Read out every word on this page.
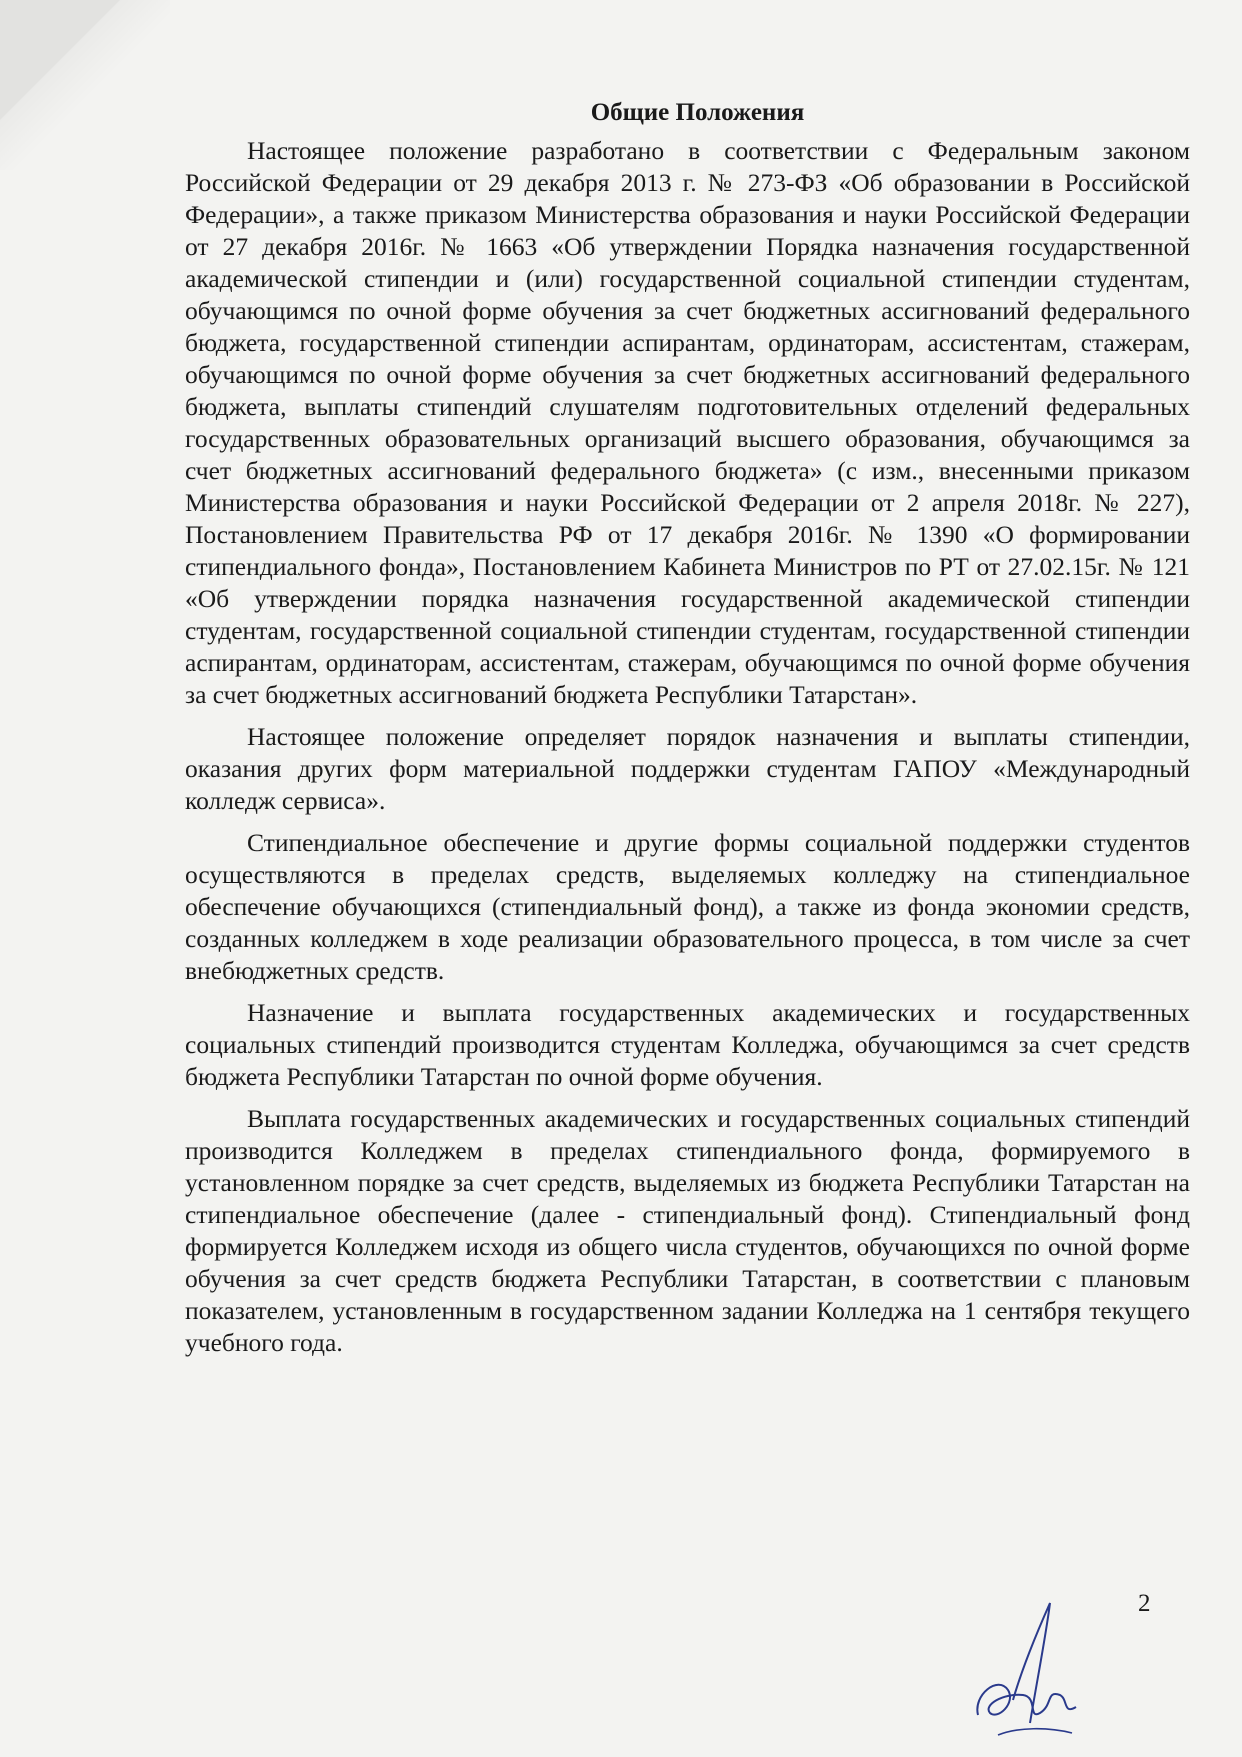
Общие Положения

Настоящее положение разработано в соответствии с Федеральным законом Российской Федерации от 29 декабря 2013 г. № 273-ФЗ «Об образовании в Российской Федерации», а также приказом Министерства образования и науки Российской Федерации от 27 декабря 2016г. № 1663 «Об утверждении Порядка назначения государственной академической стипендии и (или) государственной социальной стипендии студентам, обучающимся по очной форме обучения за счет бюджетных ассигнований федерального бюджета, государственной стипендии аспирантам, ординаторам, ассистентам, стажерам, обучающимся по очной форме обучения за счет бюджетных ассигнований федерального бюджета, выплаты стипендий слушателям подготовительных отделений федеральных государственных образовательных организаций высшего образования, обучающимся за счет бюджетных ассигнований федерального бюджета» (с изм., внесенными приказом Министерства образования и науки Российской Федерации от 2 апреля 2018г. № 227), Постановлением Правительства РФ от 17 декабря 2016г. № 1390 «О формировании стипендиального фонда», Постановлением Кабинета Министров по РТ от 27.02.15г. № 121 «Об утверждении порядка назначения государственной академической стипендии студентам, государственной социальной стипендии студентам, государственной стипендии аспирантам, ординаторам, ассистентам, стажерам, обучающимся по очной форме обучения за счет бюджетных ассигнований бюджета Республики Татарстан».

Настоящее положение определяет порядок назначения и выплаты стипендии, оказания других форм материальной поддержки студентам ГАПОУ «Международный колледж сервиса».

Стипендиальное обеспечение и другие формы социальной поддержки студентов осуществляются в пределах средств, выделяемых колледжу на стипендиальное обеспечение обучающихся (стипендиальный фонд), а также из фонда экономии средств, созданных колледжем в ходе реализации образовательного процесса, в том числе за счет внебюджетных средств.

Назначение и выплата государственных академических и государственных социальных стипендий производится студентам Колледжа, обучающимся за счет средств бюджета Республики Татарстан по очной форме обучения.

Выплата государственных академических и государственных социальных стипендий производится Колледжем в пределах стипендиального фонда, формируемого в установленном порядке за счет средств, выделяемых из бюджета Республики Татарстан на стипендиальное обеспечение (далее - стипендиальный фонд). Стипендиальный фонд формируется Колледжем исходя из общего числа студентов, обучающихся по очной форме обучения за счет средств бюджета Республики Татарстан, в соответствии с плановым показателем, установленным в государственном задании Колледжа на 1 сентября текущего учебного года.

2
